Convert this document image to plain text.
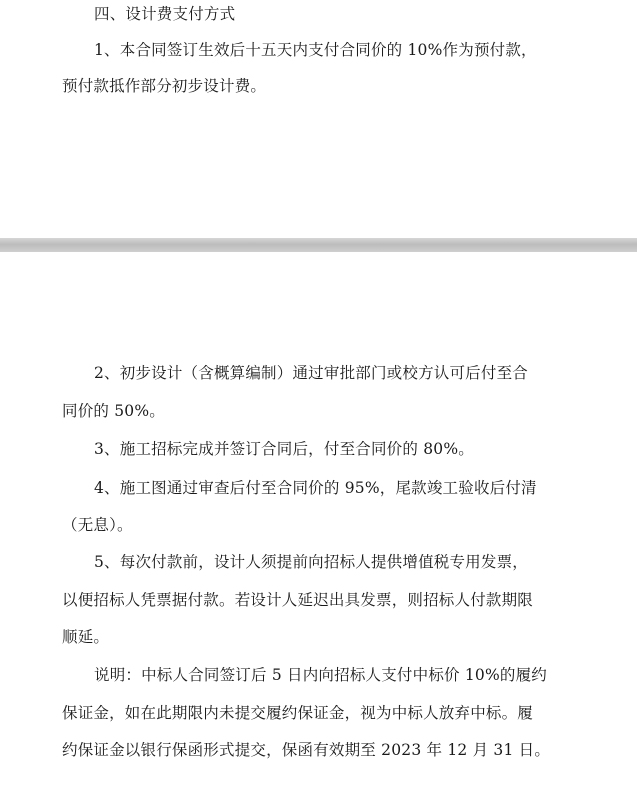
四、设计费支付方式
1、本合同签订生效后十五天内支付合同价的 10%作为预付款，
预付款抵作部分初步设计费。
2、初步设计（含概算编制）通过审批部门或校方认可后付至合
同价的 50%。
3、施工招标完成并签订合同后，付至合同价的 80%。
4、施工图通过审查后付至合同价的 95%，尾款竣工验收后付清
（无息）。
5、每次付款前，设计人须提前向招标人提供增值税专用发票，
以便招标人凭票据付款。若设计人延迟出具发票，则招标人付款期限
顺延。
说明：中标人合同签订后 5 日内向招标人支付中标价 10%的履约
保证金，如在此期限内未提交履约保证金，视为中标人放弃中标。履
约保证金以银行保函形式提交，保函有效期至 2023 年 12 月 31 日。
